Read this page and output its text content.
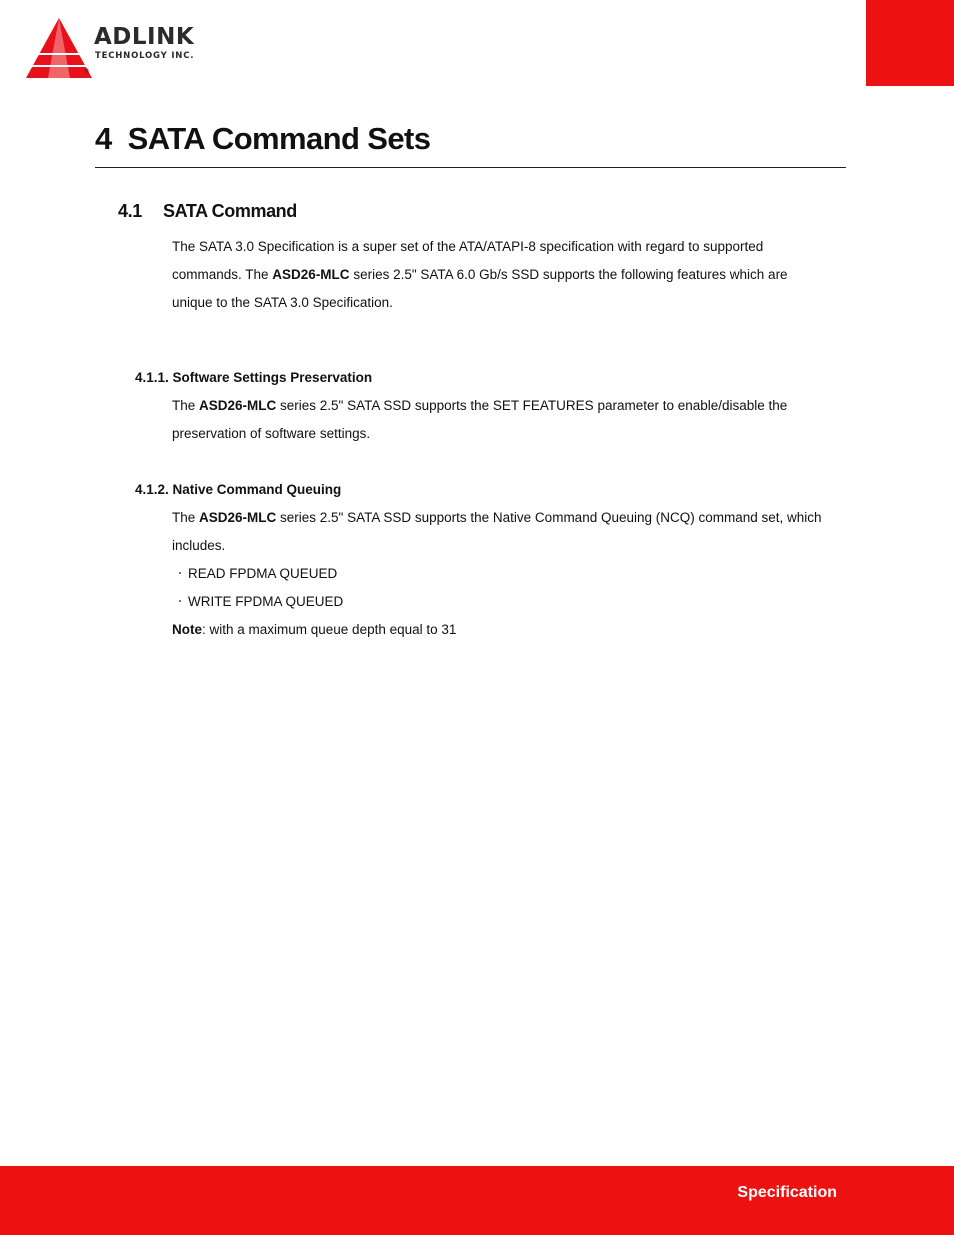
ADLINK
TECHNOLOGY INC.
®
4  SATA Command Sets
4.1 SATA Command

The SATA 3.0 Specification is a super set of the ATA/ATAPI-8 specification with regard to supported

commands. The ASD26-MLC series 2.5" SATA 6.0 Gb/s SSD supports the following features which are

unique to the SATA 3.0 Specification.

4.1.1. Software Settings Preservation

The ASD26-MLC series 2.5" SATA SSD supports the SET FEATURES parameter to enable/disable the

preservation of software settings.

4.1.2. Native Command Queuing

The ASD26-MLC series 2.5" SATA SSD supports the Native Command Queuing (NCQ) command set, which

includes.

‧ READ FPDMA QUEUED

‧ WRITE FPDMA QUEUED

Note: with a maximum queue depth equal to 31

Specification
